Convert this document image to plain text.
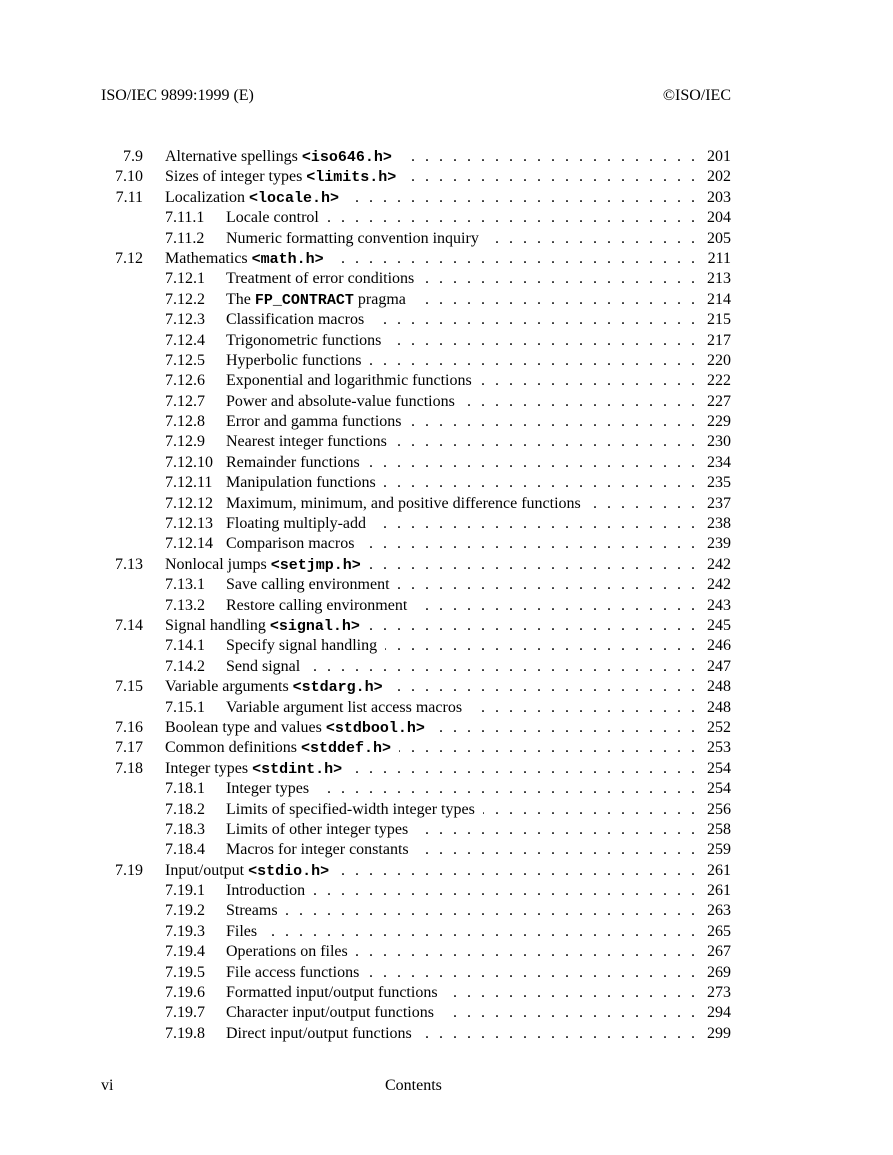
ISO/IEC 9899:1999 (E)	©ISO/IEC
7.9 Alternative spellings <iso646.h> . . .	201
7.10 Sizes of integer types <limits.h> . . .	202
7.11 Localization <locale.h> . . .	203
7.11.1	Locale control . . .	204
7.11.2	Numeric formatting convention inquiry . . .	205
7.12 Mathematics <math.h> . . .	211
7.12.1	Treatment of error conditions . . .	213
7.12.2	The FP_CONTRACT pragma . . .	214
7.12.3	Classification macros . . .	215
7.12.4	Trigonometric functions . . .	217
7.12.5	Hyperbolic functions . . .	220
7.12.6	Exponential and logarithmic functions . . .	222
7.12.7	Power and absolute-value functions . . .	227
7.12.8	Error and gamma functions . . .	229
7.12.9	Nearest integer functions . . .	230
7.12.10 Remainder functions . . .	234
7.12.11 Manipulation functions . . .	235
7.12.12 Maximum, minimum, and positive difference functions . . .	237
7.12.13 Floating multiply-add . . .	238
7.12.14 Comparison macros . . .	239
7.13 Nonlocal jumps <setjmp.h> . . .	242
7.13.1	Save calling environment . . .	242
7.13.2	Restore calling environment . . .	243
7.14 Signal handling <signal.h> . . .	245
7.14.1	Specify signal handling . . .	246
7.14.2	Send signal . . .	247
7.15 Variable arguments <stdarg.h> . . .	248
7.15.1	Variable argument list access macros . . .	248
7.16 Boolean type and values <stdbool.h> . . .	252
7.17 Common definitions <stddef.h> . . .	253
7.18 Integer types <stdint.h> . . .	254
7.18.1	Integer types . . .	254
7.18.2	Limits of specified-width integer types . . .	256
7.18.3	Limits of other integer types . . .	258
7.18.4	Macros for integer constants . . .	259
7.19 Input/output <stdio.h> . . .	261
7.19.1	Introduction . . .	261
7.19.2	Streams . . .	263
7.19.3	Files . . .	265
7.19.4	Operations on files . . .	267
7.19.5	File access functions . . .	269
7.19.6	Formatted input/output functions . . .	273
7.19.7	Character input/output functions . . .	294
7.19.8	Direct input/output functions . . .	299
vi	Contents
